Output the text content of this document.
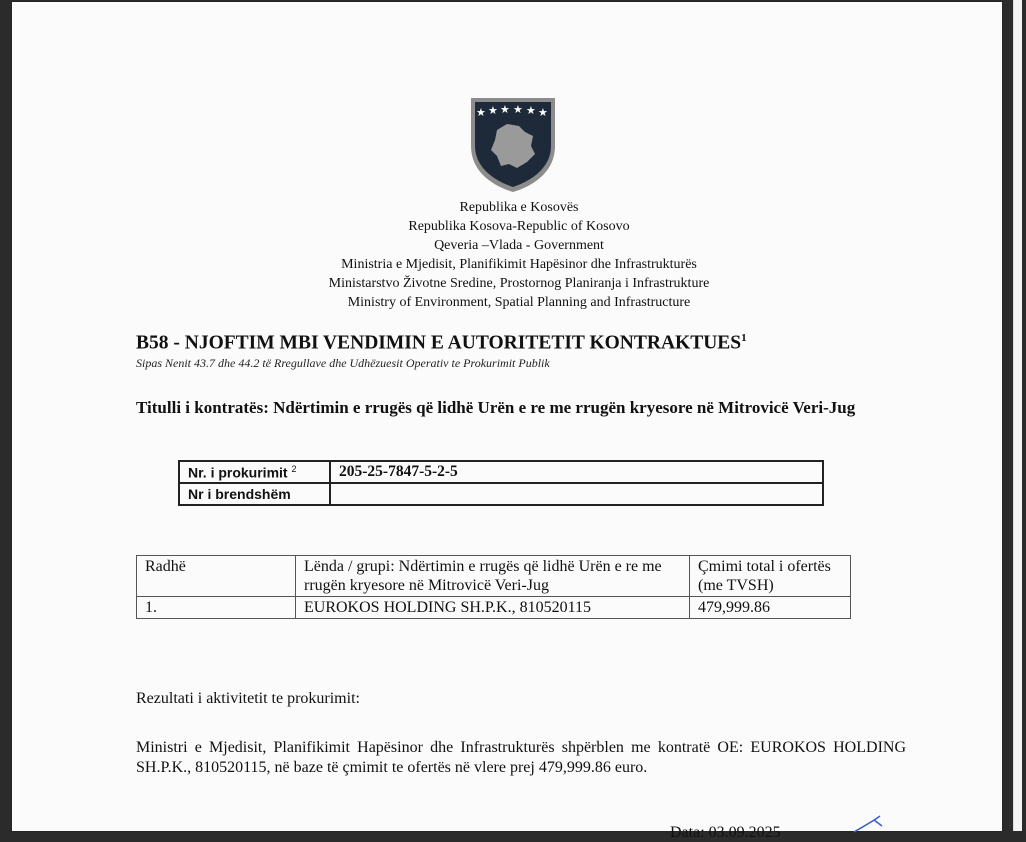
★ ★ ★ ★ ★ ★
Republika e Kosovës
Republika Kosova-Republic of Kosovo
Qeveria –Vlada - Government
Ministria e Mjedisit, Planifikimit Hapësinor dhe Infrastrukturës
Ministarstvo Životne Sredine, Prostornog Planiranja i Infrastrukture
Ministry of Environment, Spatial Planning and Infrastructure
B58 - NJOFTIM MBI VENDIMIN E AUTORITETIT KONTRAKTUES$^1$
Sipas Nenit 43.7 dhe 44.2 të Rregullave dhe Udhëzuesit Operativ te Prokurimit Publik
Titulli i kontratës: Ndërtimin e rrugës që lidhë Urën e re me rrugën kryesore në Mitrovicë Veri-Jug
Nr. i prokurimit $^2$	205-25-7847-5-2-5
Nr i brendshëm	
Radhë	Lënda / grupi: Ndërtimin e rrugës që lidhë Urën e re me rrugën kryesore në Mitrovicë Veri-Jug	Çmimi total i ofertës (me TVSH)
1.	EUROKOS HOLDING SH.P.K., 810520115	479,999.86
Rezultati i aktivitetit te prokurimit:
Ministri e Mjedisit, Planifikimit Hapësinor dhe Infrastrukturës shpërblen me kontratë OE: EUROKOS HOLDING SH.P.K., 810520115, në baze të çmimit te ofertës në vlere prej 479,999.86 euro.
Data: 03.09.2025
